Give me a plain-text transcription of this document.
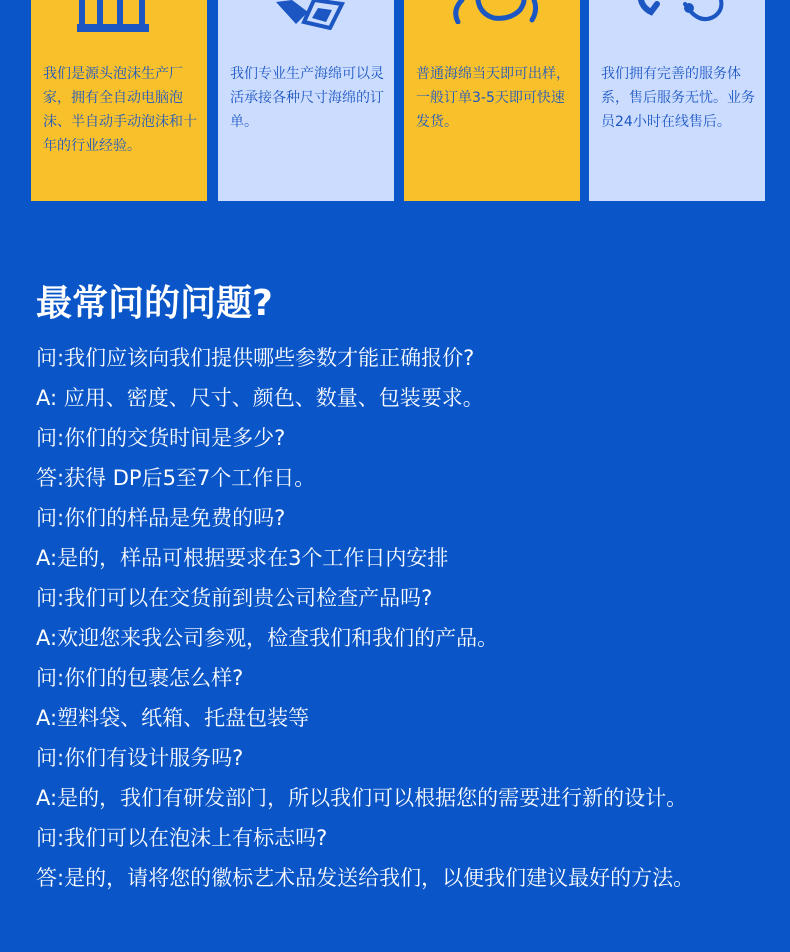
我们是源头泡沫生产厂家，拥有全自动电脑泡沫、半自动手动泡沫和十年的行业经验。
我们专业生产海绵可以灵活承接各种尺寸海绵的订单。
普通海绵当天即可出样，一般订单3-5天即可快速发货。
我们拥有完善的服务体系，售后服务无忧。业务员24小时在线售后。
最常问的问题?
问:我们应该向我们提供哪些参数才能正确报价?
A: 应用、密度、尺寸、颜色、数量、包装要求。
问:你们的交货时间是多少?
答:获得 DP后5至7个工作日。
问:你们的样品是免费的吗?
A:是的，样品可根据要求在3个工作日内安排
问:我们可以在交货前到贵公司检查产品吗?
A:欢迎您来我公司参观，检查我们和我们的产品。
问:你们的包裹怎么样?
A:塑料袋、纸箱、托盘包装等
问:你们有设计服务吗?
A:是的，我们有研发部门，所以我们可以根据您的需要进行新的设计。
问:我们可以在泡沫上有标志吗?
答:是的，请将您的徽标艺术品发送给我们，以便我们建议最好的方法。
